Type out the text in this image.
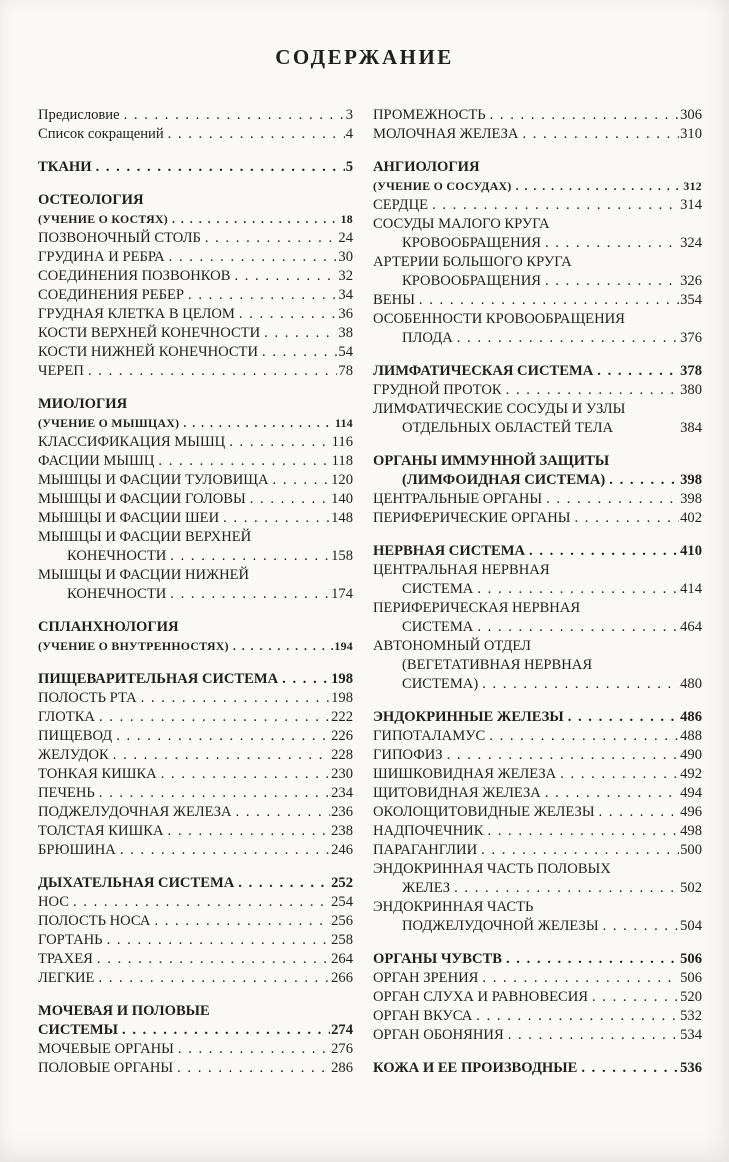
СОДЕРЖАНИЕ
Предисловие . . .	3
Список сокращений . . .	4
ТКАНИ . . .	5
ОСТЕОЛОГИЯ
(УЧЕНИЕ О КОСТЯХ) . . .	18
ПОЗВОНОЧНЫЙ СТОЛБ . . .	24
ГРУДИНА И РЕБРА . . .	30
СОЕДИНЕНИЯ ПОЗВОНКОВ . . .	32
СОЕДИНЕНИЯ РЕБЕР . . .	34
ГРУДНАЯ КЛЕТКА В ЦЕЛОМ . . .	36
КОСТИ ВЕРХНЕЙ КОНЕЧНОСТИ . . .	38
КОСТИ НИЖНЕЙ КОНЕЧНОСТИ . . .	54
ЧЕРЕП . . .	78
МИОЛОГИЯ
(УЧЕНИЕ О МЫШЦАХ) . . .	114
КЛАССИФИКАЦИЯ МЫШЦ . . .	116
ФАСЦИИ МЫШЦ . . .	118
МЫШЦЫ И ФАСЦИИ ТУЛОВИЩА . . .	120
МЫШЦЫ И ФАСЦИИ ГОЛОВЫ . . .	140
МЫШЦЫ И ФАСЦИИ ШЕИ . . .	148
МЫШЦЫ И ФАСЦИИ ВЕРХНЕЙ
КОНЕЧНОСТИ . . .	158
МЫШЦЫ И ФАСЦИИ НИЖНЕЙ
КОНЕЧНОСТИ . . .	174
СПЛАНХНОЛОГИЯ
(УЧЕНИЕ О ВНУТРЕННОСТЯХ) . . .	194
ПИЩЕВАРИТЕЛЬНАЯ СИСТЕМА . . .	198
ПОЛОСТЬ РТА . . .	198
ГЛОТКА . . .	222
ПИЩЕВОД . . .	226
ЖЕЛУДОК . . .	228
ТОНКАЯ КИШКА . . .	230
ПЕЧЕНЬ . . .	234
ПОДЖЕЛУДОЧНАЯ ЖЕЛЕЗА . . .	236
ТОЛСТАЯ КИШКА . . .	238
БРЮШИНА . . .	246
ДЫХАТЕЛЬНАЯ СИСТЕМА . . .	252
НОС . . .	254
ПОЛОСТЬ НОСА . . .	256
ГОРТАНЬ . . .	258
ТРАХЕЯ . . .	264
ЛЕГКИЕ . . .	266
МОЧЕВАЯ И ПОЛОВЫЕ
СИСТЕМЫ . . .	274
МОЧЕВЫЕ ОРГАНЫ . . .	276
ПОЛОВЫЕ ОРГАНЫ . . .	286
ПРОМЕЖНОСТЬ . . .	306
МОЛОЧНАЯ ЖЕЛЕЗА . . .	310
АНГИОЛОГИЯ
(УЧЕНИЕ О СОСУДАХ) . . .	312
СЕРДЦЕ . . .	314
СОСУДЫ МАЛОГО КРУГА
КРОВООБРАЩЕНИЯ . . .	324
АРТЕРИИ БОЛЬШОГО КРУГА
КРОВООБРАЩЕНИЯ . . .	326
ВЕНЫ . . .	354
ОСОБЕННОСТИ КРОВООБРАЩЕНИЯ
ПЛОДА . . .	376
ЛИМФАТИЧЕСКАЯ СИСТЕМА . . .	378
ГРУДНОЙ ПРОТОК . . .	380
ЛИМФАТИЧЕСКИЕ СОСУДЫ И УЗЛЫ
ОТДЕЛЬНЫХ ОБЛАСТЕЙ ТЕЛА	384
ОРГАНЫ ИММУННОЙ ЗАЩИТЫ
(ЛИМФОИДНАЯ СИСТЕМА) . . .	398
ЦЕНТРАЛЬНЫЕ ОРГАНЫ . . .	398
ПЕРИФЕРИЧЕСКИЕ ОРГАНЫ . . .	402
НЕРВНАЯ СИСТЕМА . . .	410
ЦЕНТРАЛЬНАЯ НЕРВНАЯ
СИСТЕМА . . .	414
ПЕРИФЕРИЧЕСКАЯ НЕРВНАЯ
СИСТЕМА . . .	464
АВТОНОМНЫЙ ОТДЕЛ
(ВЕГЕТАТИВНАЯ НЕРВНАЯ
СИСТЕМА) . . .	480
ЭНДОКРИННЫЕ ЖЕЛЕЗЫ . . .	486
ГИПОТАЛАМУС . . .	488
ГИПОФИЗ . . .	490
ШИШКОВИДНАЯ ЖЕЛЕЗА . . .	492
ЩИТОВИДНАЯ ЖЕЛЕЗА . . .	494
ОКОЛОЩИТОВИДНЫЕ ЖЕЛЕЗЫ . . .	496
НАДПОЧЕЧНИК . . .	498
ПАРАГАНГЛИИ . . .	500
ЭНДОКРИННАЯ ЧАСТЬ ПОЛОВЫХ
ЖЕЛЕЗ . . .	502
ЭНДОКРИННАЯ ЧАСТЬ
ПОДЖЕЛУДОЧНОЙ ЖЕЛЕЗЫ . . .	504
ОРГАНЫ ЧУВСТВ . . .	506
ОРГАН ЗРЕНИЯ . . .	506
ОРГАН СЛУХА И РАВНОВЕСИЯ . . .	520
ОРГАН ВКУСА . . .	532
ОРГАН ОБОНЯНИЯ . . .	534
КОЖА И ЕЕ ПРОИЗВОДНЫЕ . . .	536
